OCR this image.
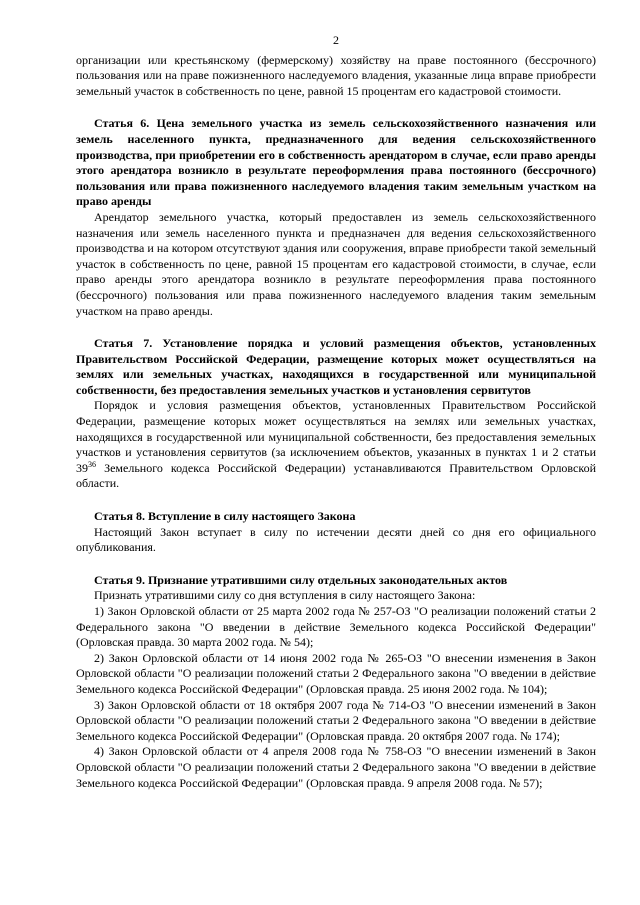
2

организации или крестьянскому (фермерскому) хозяйству на праве постоянного (бессрочного) пользования или на праве пожизненного наследуемого владения, указанные лица вправе приобрести земельный участок в собственность по цене, равной 15 процентам его кадастровой стоимости.

Статья 6. Цена земельного участка из земель сельскохозяйственного назначения или земель населенного пункта, предназначенного для ведения сельскохозяйственного производства, при приобретении его в собственность арендатором в случае, если право аренды этого арендатора возникло в результате переоформления права постоянного (бессрочного) пользования или права пожизненного наследуемого владения таким земельным участком на право аренды

Арендатор земельного участка, который предоставлен из земель сельскохозяйственного назначения или земель населенного пункта и предназначен для ведения сельскохозяйственного производства и на котором отсутствуют здания или сооружения, вправе приобрести такой земельный участок в собственность по цене, равной 15 процентам его кадастровой стоимости, в случае, если право аренды этого арендатора возникло в результате переоформления права постоянного (бессрочного) пользования или права пожизненного наследуемого владения таким земельным участком на право аренды.

Статья 7. Установление порядка и условий размещения объектов, установленных Правительством Российской Федерации, размещение которых может осуществляться на землях или земельных участках, находящихся в государственной или муниципальной собственности, без предоставления земельных участков и установления сервитутов

Порядок и условия размещения объектов, установленных Правительством Российской Федерации, размещение которых может осуществляться на землях или земельных участках, находящихся в государственной или муниципальной собственности, без предоставления земельных участков и установления сервитутов (за исключением объектов, указанных в пунктах 1 и 2 статьи $39^{36}$ Земельного кодекса Российской Федерации) устанавливаются Правительством Орловской области.

Статья 8. Вступление в силу настоящего Закона

Настоящий Закон вступает в силу по истечении десяти дней со дня его официального опубликования.

Статья 9. Признание утратившими силу отдельных законодательных актов

Признать утратившими силу со дня вступления в силу настоящего Закона:

1) Закон Орловской области от 25 марта 2002 года № 257-ОЗ "О реализации положений статьи 2 Федерального закона "О введении в действие Земельного кодекса Российской Федерации" (Орловская правда. 30 марта 2002 года. № 54);

2) Закон Орловской области от 14 июня 2002 года № 265-ОЗ "О внесении изменения в Закон Орловской области "О реализации положений статьи 2 Федерального закона "О введении в действие Земельного кодекса Российской Федерации" (Орловская правда. 25 июня 2002 года. № 104);

3) Закон Орловской области от 18 октября 2007 года № 714-ОЗ "О внесении изменений в Закон Орловской области "О реализации положений статьи 2 Федерального закона "О введении в действие Земельного кодекса Российской Федерации" (Орловская правда. 20 октября 2007 года. № 174);

4) Закон Орловской области от 4 апреля 2008 года № 758-ОЗ "О внесении изменений в Закон Орловской области "О реализации положений статьи 2 Федерального закона "О введении в действие Земельного кодекса Российской Федерации" (Орловская правда. 9 апреля 2008 года. № 57);
